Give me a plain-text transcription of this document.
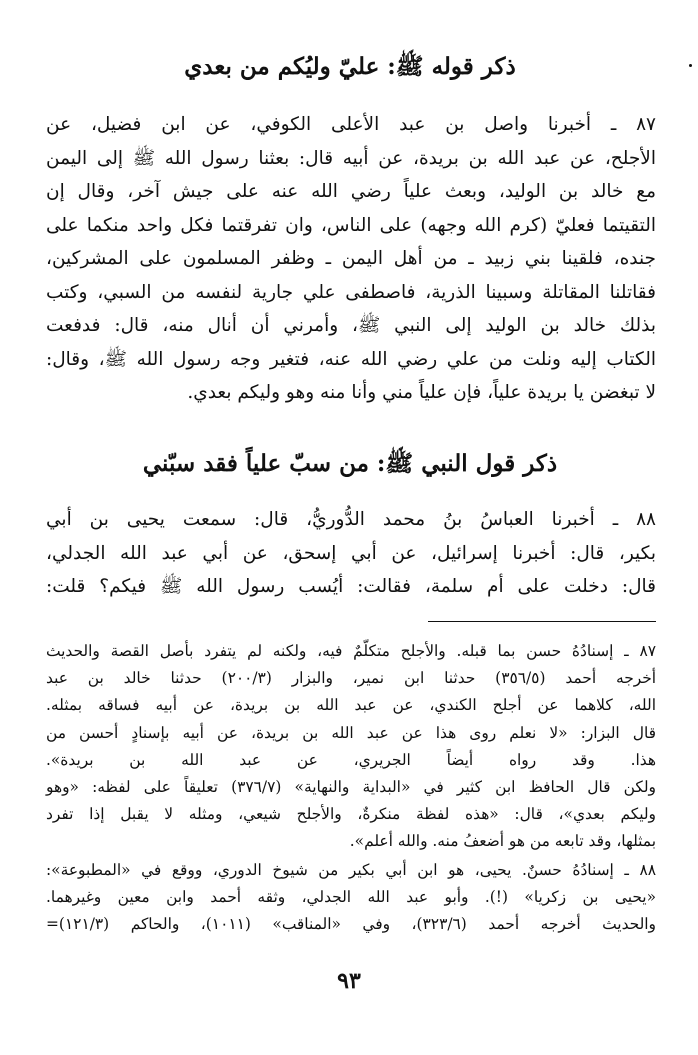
ذكر قوله ﷺ: عليّ وليُكم من بعدي
٨٧ ـ أخبرنا واصل بن عبد الأعلى الكوفي، عن ابن فضيل، عن
الأجلح، عن عبد الله بن بريدة، عن أبيه قال: بعثنا رسول الله ﷺ إلى اليمن
مع خالد بن الوليد، وبعث علياً رضي الله عنه على جيش آخر، وقال إن
التقيتما فعليّ (كرم الله وجهه) على الناس، وان تفرقتما فكل واحد منكما على
جنده، فلقينا بني زبيد ـ من أهل اليمن ـ وظفر المسلمون على المشركين،
فقاتلنا المقاتلة وسبينا الذرية، فاصطفى علي جارية لنفسه من السبي، وكتب
بذلك خالد بن الوليد إلى النبي ﷺ، وأمرني أن أنال منه، قال: فدفعت
الكتاب إليه ونلت من علي رضي الله عنه، فتغير وجه رسول الله ﷺ، وقال:
لا تبغضن يا بريدة علياً، فإن علياً مني وأنا منه وهو وليكم بعدي.
ذكر قول النبي ﷺ: من سبّ علياً فقد سبّني
٨٨ ـ أخبرنا العباسُ بنُ محمد الدُّوريُّ، قال: سمعت يحيى بن أبي
بكير، قال: أخبرنا إسرائيل، عن أبي إسحق، عن أبي عبد الله الجدلي،
قال: دخلت على أم سلمة، فقالت: أيُسب رسول الله ﷺ فيكم؟ قلت:
٨٧ ـ إسنادُهُ حسن بما قبله. والأجلح متكلّمٌ فيه، ولكنه لم يتفرد بأصل القصة والحديث
أخرجه أحمد (٣٥٦/٥) حدثنا ابن نمير، والبزار (٢٠٠/٣) حدثنا خالد بن عبد
الله، كلاهما عن أجلح الكندي، عن عبد الله بن بريدة، عن أبيه فساقه بمثله.
قال البزار: «لا نعلم روى هذا عن عبد الله بن بريدة، عن أبيه بإسنادٍ أحسن من
هذا. وقد رواه أيضاً الجريري، عن عبد الله بن بريدة».
ولكن قال الحافظ ابن كثير في «البداية والنهاية» (٣٧٦/٧) تعليقاً على لفظه: «وهو
وليكم بعدي»، قال: «هذه لفظة منكرةٌ، والأجلح شيعي، ومثله لا يقبل إذا تفرد
بمثلها، وقد تابعه من هو أضعفُ منه. والله أعلم».
٨٨ ـ إسنادُهُ حسنٌ. يحيى، هو ابن أبي بكير من شيوخ الدوري، ووقع في «المطبوعة»:
«يحيى بن زكريا» (!). وأبو عبد الله الجدلي، وثقه أحمد وابن معين وغيرهما.
والحديث أخرجه أحمد (٣٢٣/٦)، وفي «المناقب» (١٠١١)، والحاكم (١٢١/٣)=
٩٣
